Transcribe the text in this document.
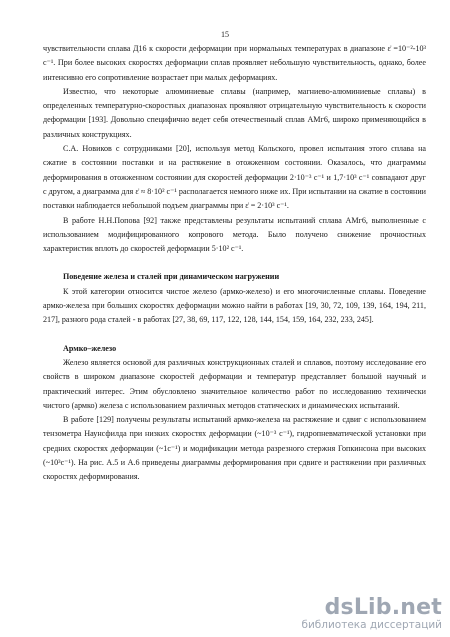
15

чувствительности сплава Д16 к скорости деформации при нормальных температурах в диапазоне ε̇ =10⁻²-10³ с⁻¹. При более высоких скоростях деформации сплав проявляет небольшую чувствительность, однако, более интенсивно его сопротивление возрастает при малых деформациях.

Известно, что некоторые алюминиевые сплавы (например, магниево-алюминиевые сплавы) в определенных температурно-скоростных диапазонах проявляют отрицательную чувствительность к скорости деформации [193]. Довольно специфично ведет себя отечественный сплав АМг6, широко применяющийся в различных конструкциях.

С.А. Новиков с сотрудниками [20], используя метод Кольского, провел испытания этого сплава на сжатие в состоянии поставки и на растяжение в отожженном состоянии. Оказалось, что диаграммы деформирования в отожженном состоянии для скоростей деформации 2·10⁻³ с⁻¹ и 1,7·10³ с⁻¹ совпадают друг с другом, а диаграмма для ε̇ ≈ 8·10² с⁻¹ располагается немного ниже их. При испытании на сжатие в состоянии поставки наблюдается небольшой подъем диаграммы при ε̇ = 2·10³ с⁻¹.

В работе Н.Н.Попова [92] также представлены результаты испытаний сплава АМг6, выполненные с использованием модифицированного копрового метода. Было получено снижение прочностных характеристик вплоть до скоростей деформации 5·10² с⁻¹.

Поведение железа и сталей при динамическом нагружении

К этой категории относится чистое железо (армко-железо) и его многочисленные сплавы. Поведение армко-железа при больших скоростях деформации можно найти в работах [19, 30, 72, 109, 139, 164, 194, 211, 217], разного рода сталей - в работах [27, 38, 69, 117, 122, 128, 144, 154, 159, 164, 232, 233, 245].

Армко–железо

Железо является основой для различных конструкционных сталей и сплавов, поэтому исследование его свойств в широком диапазоне скоростей деформации и температур представляет большой научный и практический интерес. Этим обусловлено значительное количество работ по исследованию технически чистого (армко) железа с использованием различных методов статических и динамических испытаний.

В работе [129] получены результаты испытаний армко-железа на растяжение и сдвиг с использованием тензометра Наунсфилда при низких скоростях деформации (~10⁻³ с⁻¹), гидропневматической установки при средних скоростях деформации (~1с⁻¹) и модификации метода разрезного стержня Гопкинсона при высоких (~10³с⁻¹). На рис. А.5 и А.6 приведены диаграммы деформирования при сдвиге и растяжении при различных скоростях деформирования.

dsLib.net
библиотека диссертаций
